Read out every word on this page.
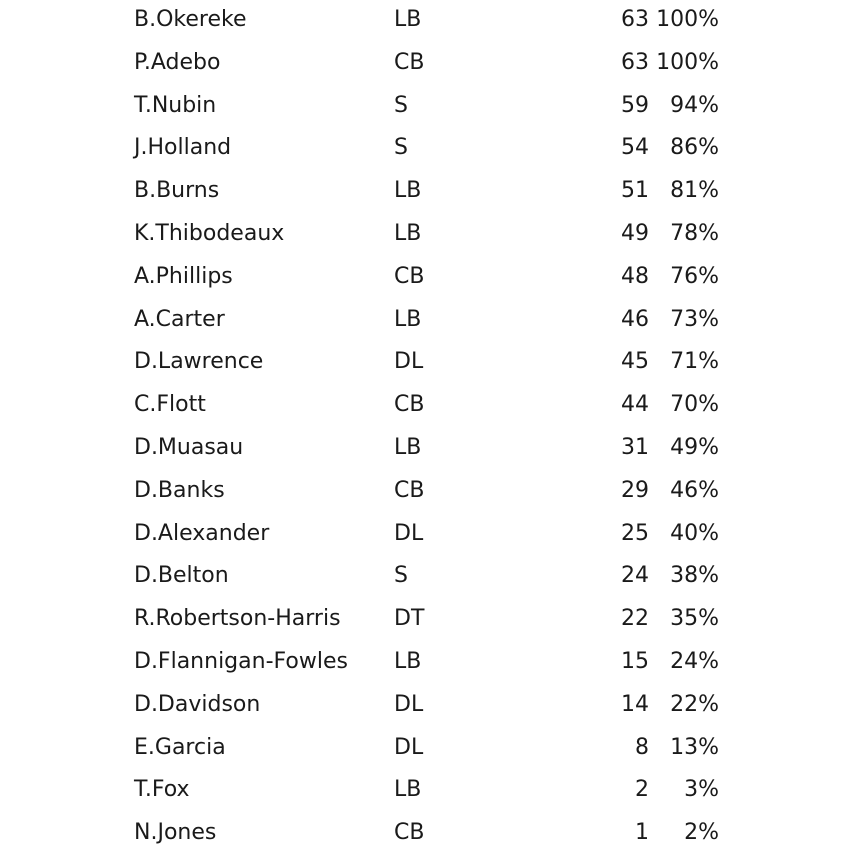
B.Okereke	LB	63	100%	
P.Adebo	CB	63	100%	
T.Nubin	S	59	94%	
J.Holland	S	54	86%	
B.Burns	LB	51	81%	
K.Thibodeaux	LB	49	78%	
A.Phillips	CB	48	76%	
A.Carter	LB	46	73%	
D.Lawrence	DL	45	71%	
C.Flott	CB	44	70%	
D.Muasau	LB	31	49%	
D.Banks	CB	29	46%	
D.Alexander	DL	25	40%	
D.Belton	S	24	38%	
R.Robertson-Harris	DT	22	35%	
D.Flannigan-Fowles	LB	15	24%	
D.Davidson	DL	14	22%	
E.Garcia	DL	8	13%	
T.Fox	LB	2	3%	
N.Jones	CB	1	2%	
